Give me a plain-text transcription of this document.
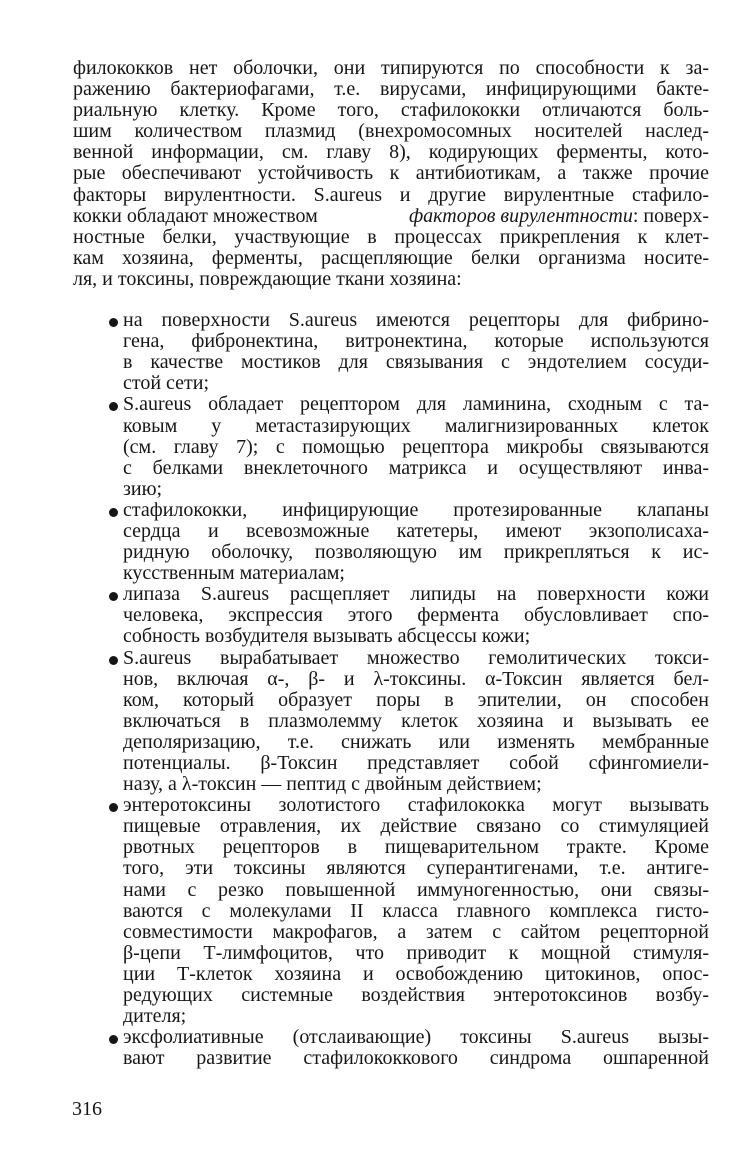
филококков нет оболочки, они типируются по способности к за-
ражению бактериофагами, т.е. вирусами, инфицирующими бакте-
риальную клетку. Кроме того, стафилококки отличаются боль-
шим количеством плазмид (внехромосомных носителей наслед-
венной информации, см. главу 8), кодирующих ферменты, кото-
рые обеспечивают устойчивость к антибиотикам, а также прочие
факторы вирулентности. S.aureus и другие вирулентные стафило-
кокки обладают множеством	факторов вирулентности: поверх-
ностные белки, участвующие в процессах прикрепления к клет-
кам хозяина, ферменты, расщепляющие белки организма носите-
ля, и токсины, повреждающие ткани хозяина:
на поверхности S.aureus имеются рецепторы для фибрино-
гена, фибронектина, витронектина, которые используются
в качестве мостиков для связывания с эндотелием сосуди-
стой сети;
S.aureus обладает рецептором для ламинина, сходным с та-
ковым у метастазирующих малигнизированных клеток
(см. главу 7); с помощью рецептора микробы связываются
с белками внеклеточного матрикса и осуществляют инва-
зию;
стафилококки, инфицирующие протезированные клапаны
сердца и всевозможные катетеры, имеют экзополисаха-
ридную оболочку, позволяющую им прикрепляться к ис-
кусственным материалам;
липаза S.aureus расщепляет липиды на поверхности кожи
человека, экспрессия этого фермента обусловливает спо-
собность возбудителя вызывать абсцессы кожи;
S.aureus вырабатывает множество гемолитических токси-
нов, включая α-, β- и λ-токсины. α-Токсин является бел-
ком, который образует поры в эпителии, он способен
включаться в плазмолемму клеток хозяина и вызывать ее
деполяризацию, т.е. снижать или изменять мембранные
потенциалы. β-Токсин представляет собой сфингомиели-
назу, а λ-токсин — пептид с двойным действием;
энтеротоксины золотистого стафилококка могут вызывать
пищевые отравления, их действие связано со стимуляцией
рвотных рецепторов в пищеварительном тракте. Кроме
того, эти токсины являются суперантигенами, т.е. антиге-
нами с резко повышенной иммуногенностью, они связы-
ваются с молекулами II класса главного комплекса гисто-
совместимости макрофагов, а затем с сайтом рецепторной
β-цепи Т-лимфоцитов, что приводит к мощной стимуля-
ции Т-клеток хозяина и освобождению цитокинов, опос-
редующих системные воздействия энтеротоксинов возбу-
дителя;
эксфолиативные (отслаивающие) токсины S.aureus вызы-
вают развитие стафилококкового синдрома ошпаренной
316
